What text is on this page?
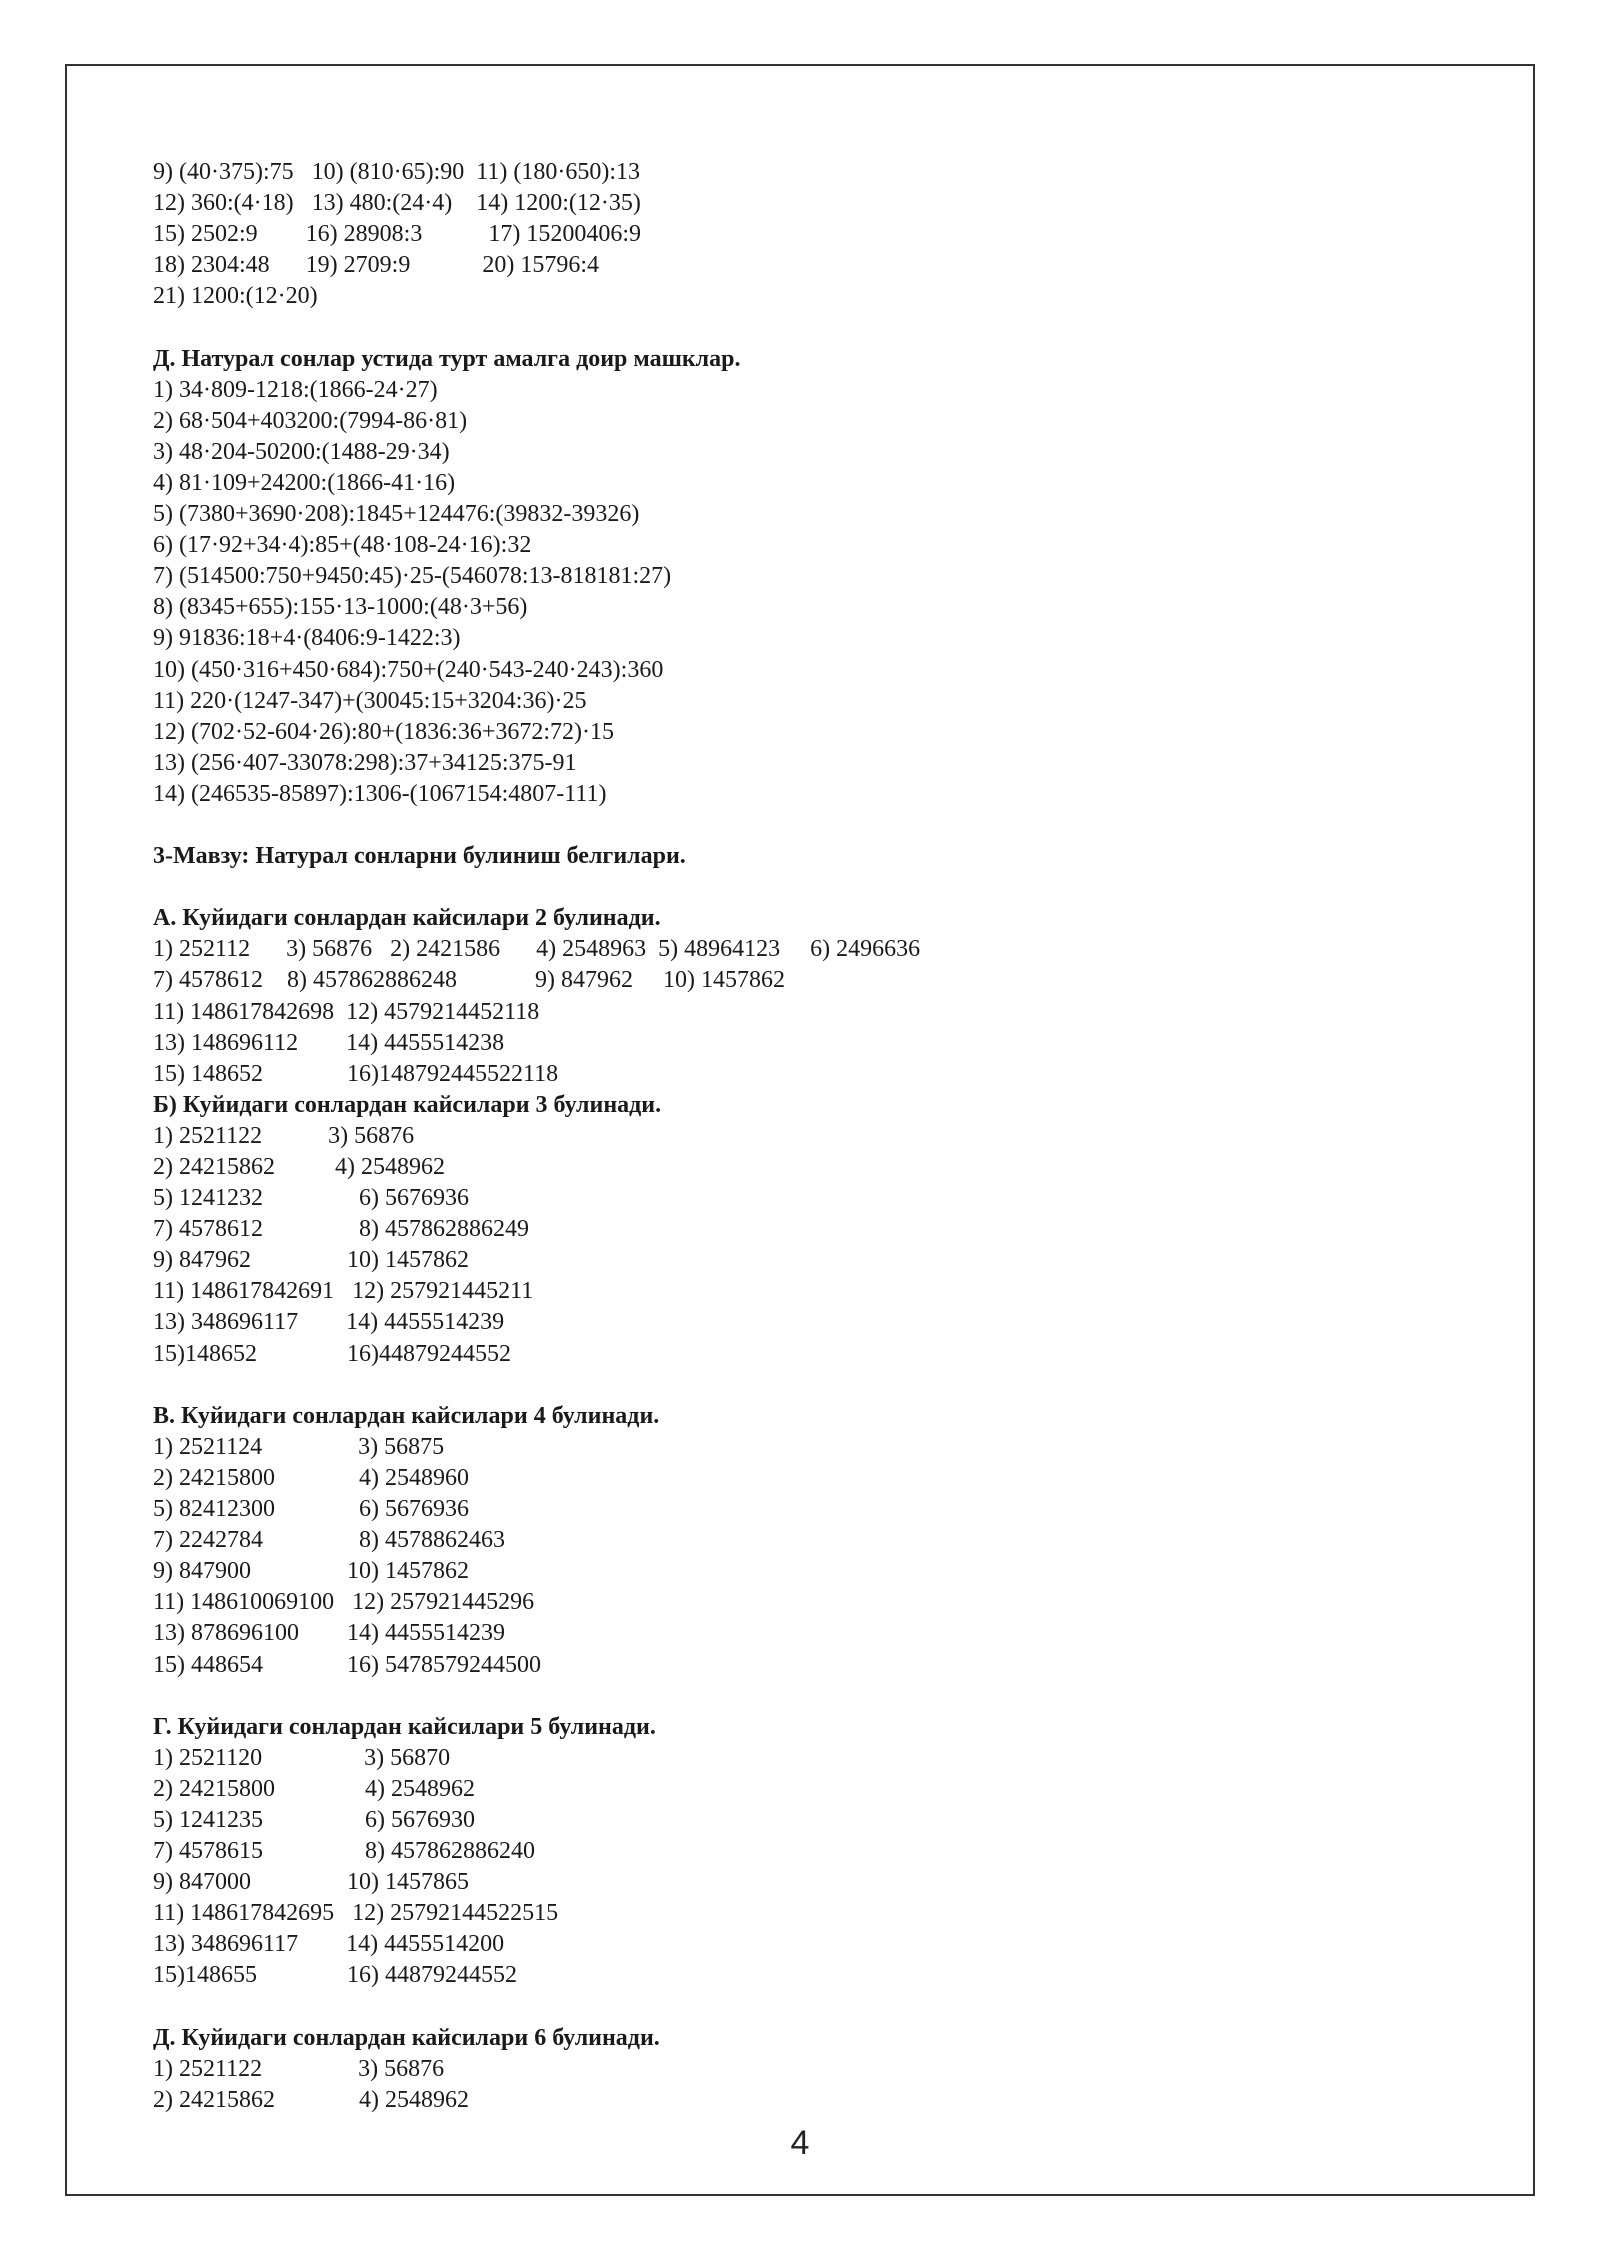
9) (40·375):75   10) (810·65):90  11) (180·650):13
12) 360:(4·18)   13) 480:(24·4)    14) 1200:(12·35)
15) 2502:9        16) 28908:3           17) 15200406:9
18) 2304:48      19) 2709:9            20) 15796:4
21) 1200:(12·20)
Д. Натурал сонлар устида турт амалга доир машклар.
1) 34·809-1218:(1866-24·27)
2) 68·504+403200:(7994-86·81)
3) 48·204-50200:(1488-29·34)
4) 81·109+24200:(1866-41·16)
5) (7380+3690·208):1845+124476:(39832-39326)
6) (17·92+34·4):85+(48·108-24·16):32
7) (514500:750+9450:45)·25-(546078:13-818181:27)
8) (8345+655):155·13-1000:(48·3+56)
9) 91836:18+4·(8406:9-1422:3)
10) (450·316+450·684):750+(240·543-240·243):360
11) 220·(1247-347)+(30045:15+3204:36)·25
12) (702·52-604·26):80+(1836:36+3672:72)·15
13) (256·407-33078:298):37+34125:375-91
14) (246535-85897):1306-(1067154:4807-111)
3-Мавзу: Натурал сонларни булиниш белгилари.
А. Куйидаги сонлардан кайсилари 2 булинади.
1) 252112      3) 56876   2) 2421586      4) 2548963  5) 48964123     6) 2496636
7) 4578612    8) 457862886248             9) 847962     10) 1457862
11) 148617842698  12) 4579214452118
13) 148696112        14) 4455514238
15) 148652              16)148792445522118
Б) Куйидаги сонлардан кайсилари 3 булинади.
1) 2521122           3) 56876
2) 24215862          4) 2548962
5) 1241232                6) 5676936
7) 4578612                8) 457862886249
9) 847962                10) 1457862
11) 148617842691   12) 257921445211
13) 348696117        14) 4455514239
15)148652               16)44879244552
В. Куйидаги сонлардан кайсилари 4 булинади.
1) 2521124                3) 56875
2) 24215800              4) 2548960
5) 82412300              6) 5676936
7) 2242784                8) 4578862463
9) 847900                10) 1457862
11) 148610069100   12) 257921445296
13) 878696100        14) 4455514239
15) 448654              16) 5478579244500
Г. Куйидаги сонлардан кайсилари 5 булинади.
1) 2521120                 3) 56870
2) 24215800               4) 2548962
5) 1241235                 6) 5676930
7) 4578615                 8) 457862886240
9) 847000                10) 1457865
11) 148617842695   12) 25792144522515
13) 348696117        14) 4455514200
15)148655               16) 44879244552
Д. Куйидаги сонлардан кайсилари 6 булинади.
1) 2521122                3) 56876
2) 24215862              4) 2548962
4
